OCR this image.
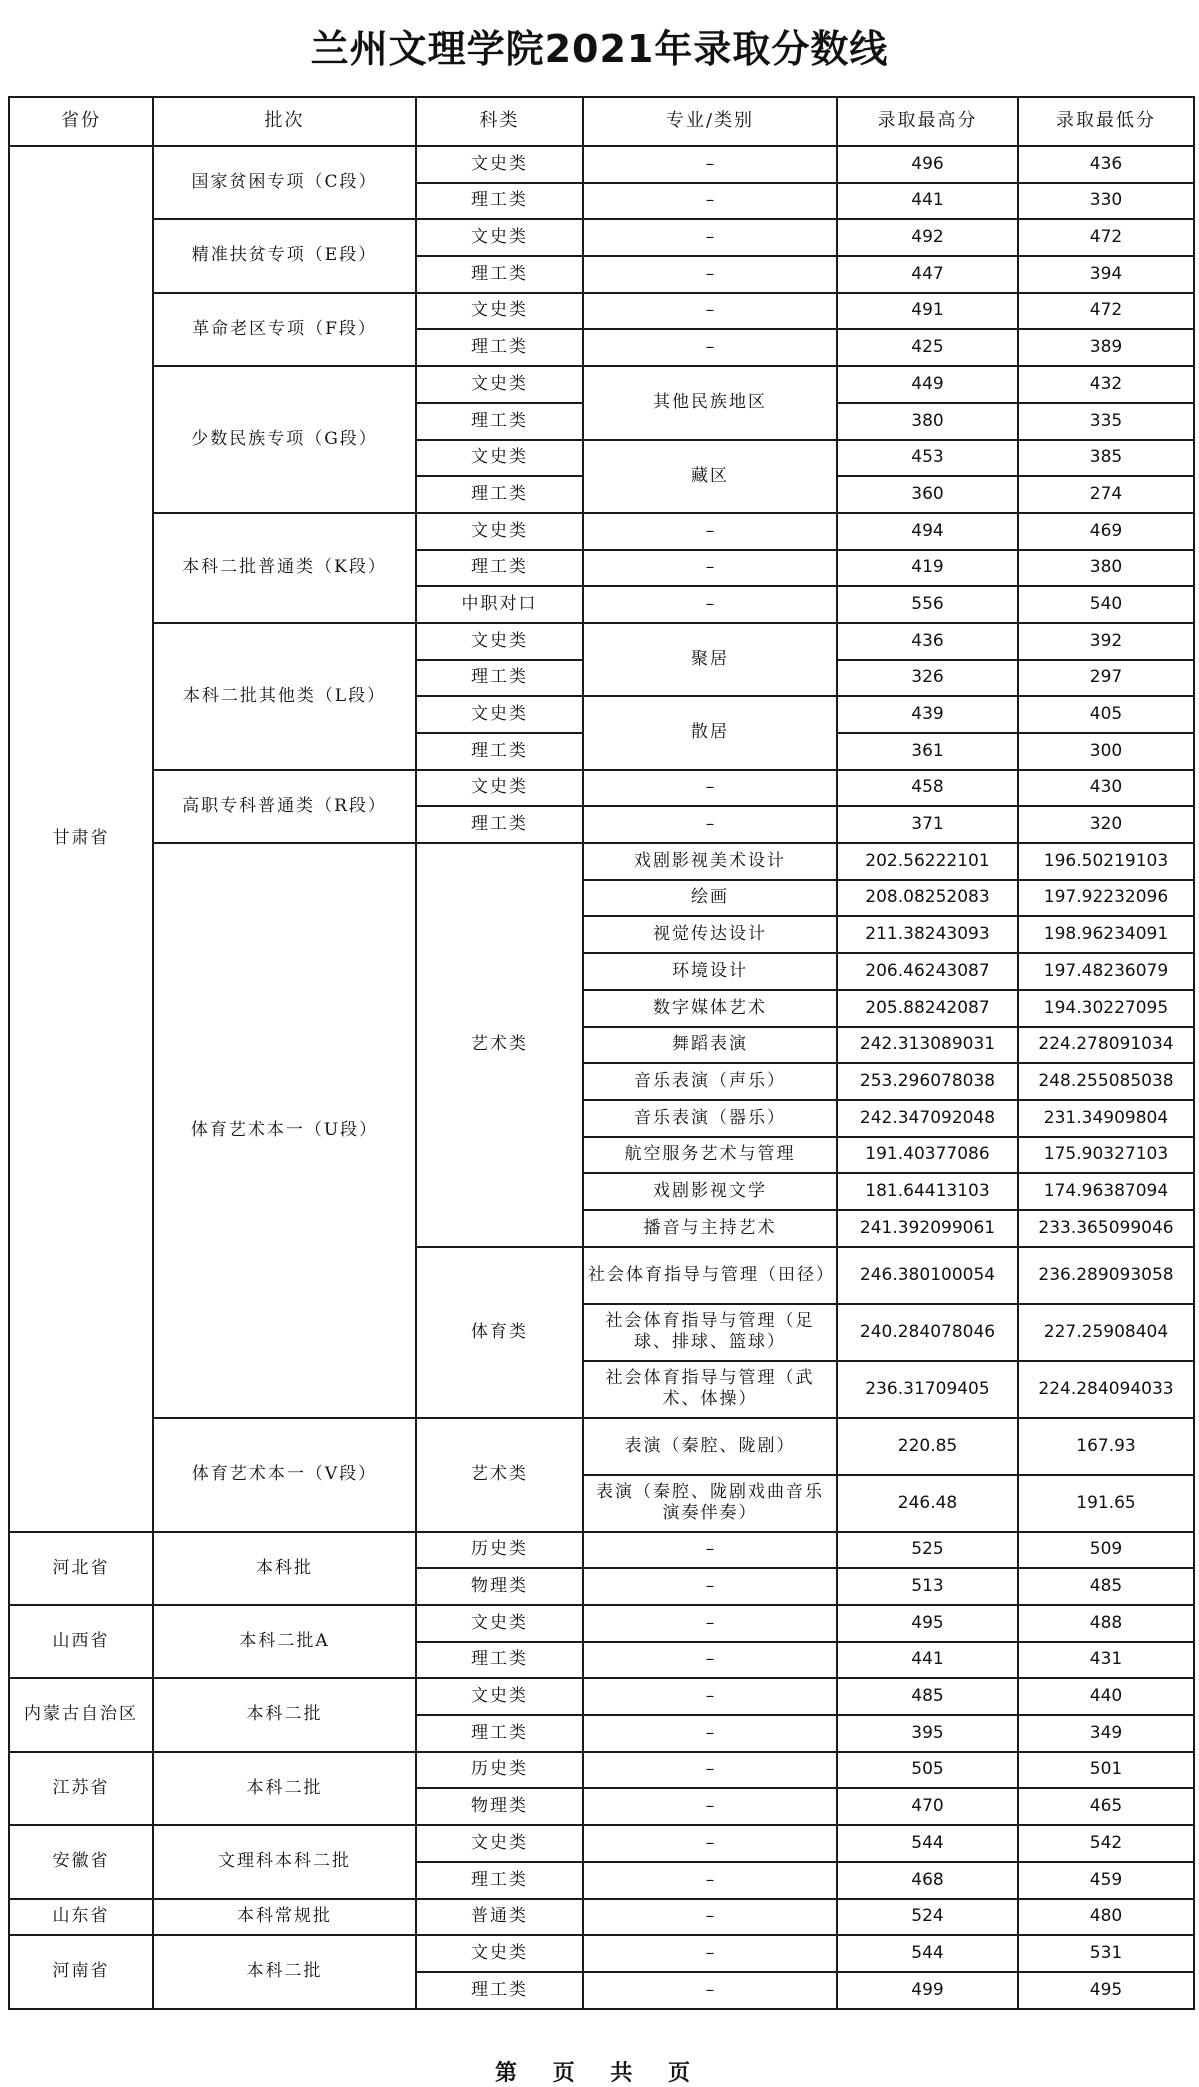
兰州文理学院2021年录取分数线
省份	批次	科类	专业/类别	录取最高分	录取最低分
甘肃省	国家贫困专项（C段）	文史类	–	496	436
		理工类	–	441	330
	精准扶贫专项（E段）	文史类	–	492	472
		理工类	–	447	394
	革命老区专项（F段）	文史类	–	491	472
		理工类	–	425	389
	少数民族专项（G段）	文史类	其他民族地区	449	432
		理工类		380	335
		文史类	藏区	453	385
		理工类		360	274
	本科二批普通类（K段）	文史类	–	494	469
		理工类	–	419	380
		中职对口	–	556	540
	本科二批其他类（L段）	文史类	聚居	436	392
		理工类		326	297
		文史类	散居	439	405
		理工类		361	300
	高职专科普通类（R段）	文史类	–	458	430
		理工类	–	371	320
	体育艺术本一（U段）	艺术类	戏剧影视美术设计	202.56222101	196.50219103
			绘画	208.08252083	197.92232096
			视觉传达设计	211.38243093	198.96234091
			环境设计	206.46243087	197.48236079
			数字媒体艺术	205.88242087	194.30227095
			舞蹈表演	242.313089031	224.278091034
			音乐表演（声乐）	253.296078038	248.255085038
			音乐表演（器乐）	242.347092048	231.34909804
			航空服务艺术与管理	191.40377086	175.90327103
			戏剧影视文学	181.64413103	174.96387094
			播音与主持艺术	241.392099061	233.365099046
		体育类	社会体育指导与管理（田径）	246.380100054	236.289093058
			社会体育指导与管理（足球、排球、篮球）	240.284078046	227.25908404
			社会体育指导与管理（武术、体操）	236.31709405	224.284094033
	体育艺术本一（V段）	艺术类	表演（秦腔、陇剧）	220.85	167.93
			表演（秦腔、陇剧戏曲音乐演奏伴奏）	246.48	191.65
河北省	本科批	历史类	–	525	509
		物理类	–	513	485
山西省	本科二批A	文史类	–	495	488
		理工类	–	441	431
内蒙古自治区	本科二批	文史类	–	485	440
		理工类	–	395	349
江苏省	本科二批	历史类	–	505	501
		物理类	–	470	465
安徽省	文理科本科二批	文史类	–	544	542
		理工类	–	468	459
山东省	本科常规批	普通类	–	524	480
河南省	本科二批	文史类	–	544	531
		理工类	–	499	495
第 页 共 页
